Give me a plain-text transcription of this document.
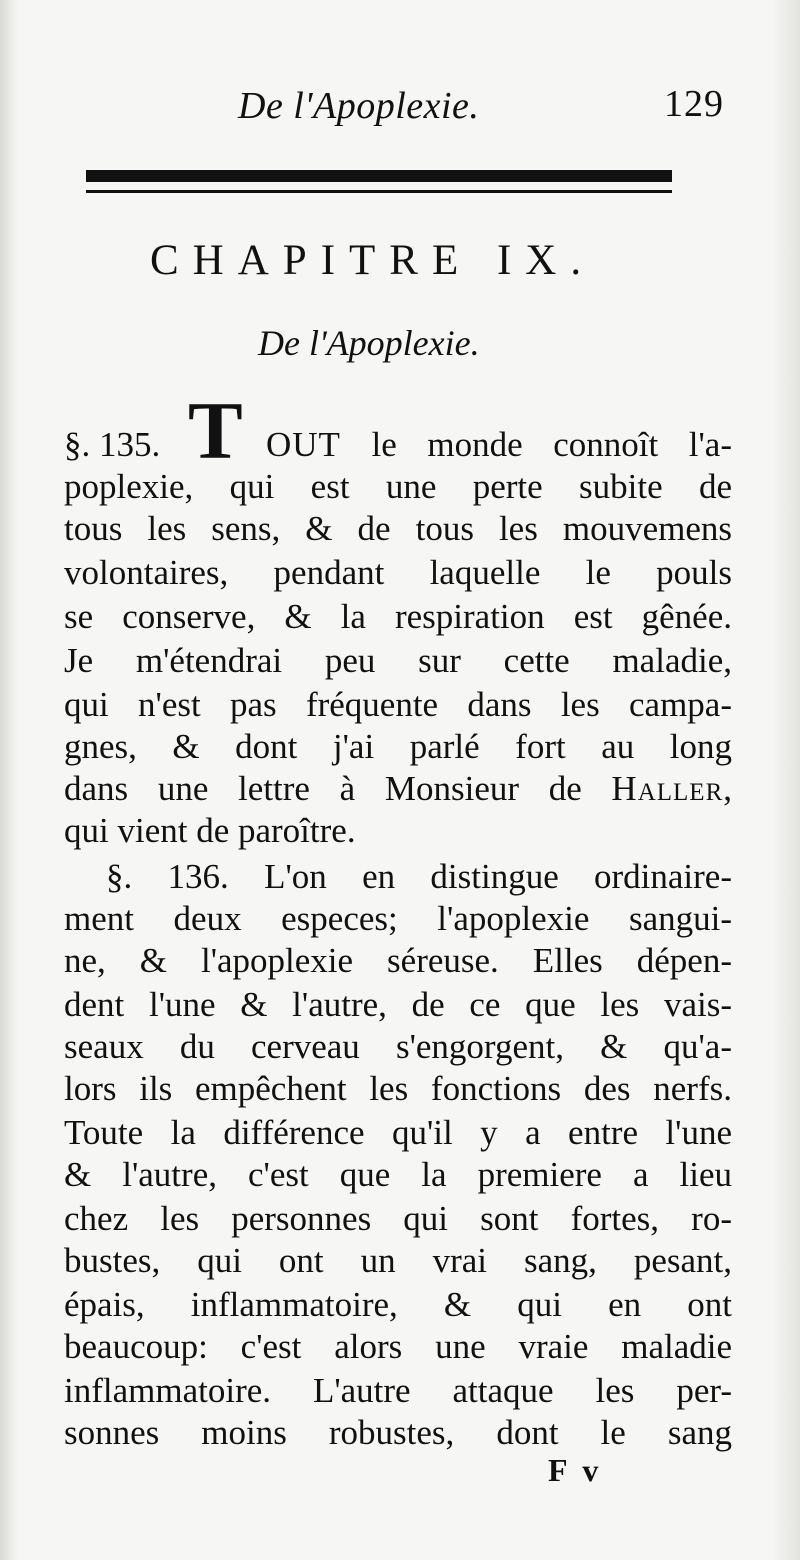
De l'Apoplexie.	129
CHAPITRE IX.
De l'Apoplexie.
§. 135. T OUT le monde connoît l'a-
poplexie, qui est une perte subite de
tous les sens, & de tous les mouvemens
volontaires, pendant laquelle le pouls
se conserve, & la respiration est gênée.
Je m'étendrai peu sur cette maladie,
qui n'est pas fréquente dans les campa-
gnes, & dont j'ai parlé fort au long
dans une lettre à Monsieur de Haller,
qui vient de paroître.
§. 136. L'on en distingue ordinaire-
ment deux especes; l'apoplexie sangui-
ne, & l'apoplexie séreuse. Elles dépen-
dent l'une & l'autre, de ce que les vais-
seaux du cerveau s'engorgent, & qu'a-
lors ils empêchent les fonctions des nerfs.
Toute la différence qu'il y a entre l'une
& l'autre, c'est que la premiere a lieu
chez les personnes qui sont fortes, ro-
bustes, qui ont un vrai sang, pesant,
épais, inflammatoire, & qui en ont
beaucoup: c'est alors une vraie maladie
inflammatoire. L'autre attaque les per-
sonnes moins robustes, dont le sang
F v
